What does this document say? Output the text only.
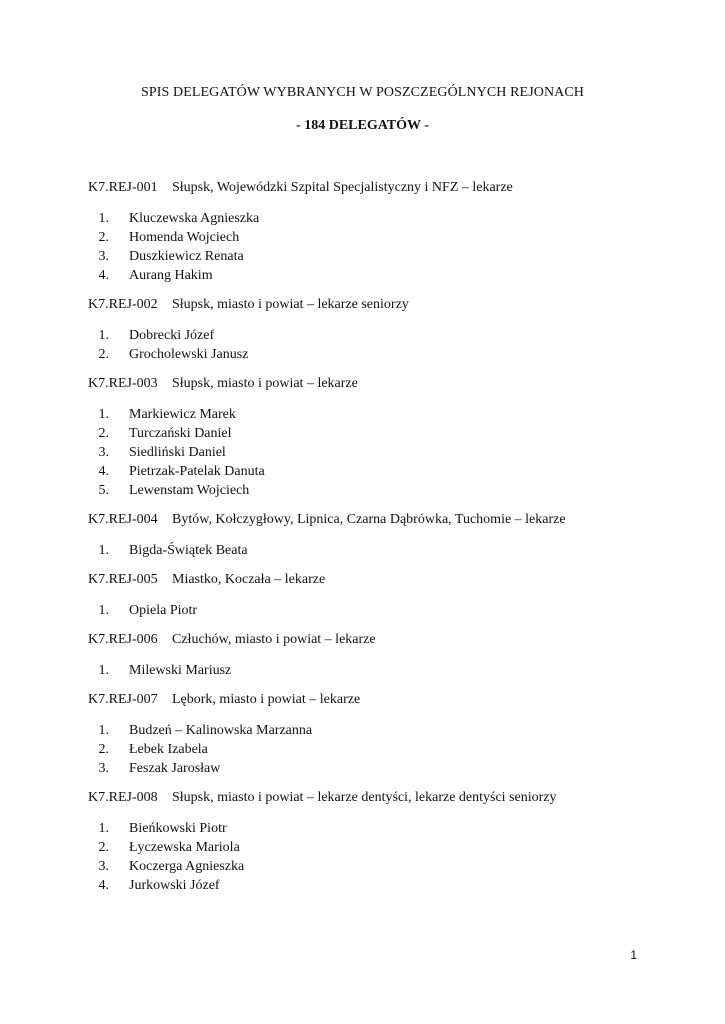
SPIS DELEGATÓW WYBRANYCH W POSZCZEGÓLNYCH REJONACH
- 184 DELEGATÓW -
K7.REJ-001 Słupsk, Wojewódzki Szpital Specjalistyczny i NFZ – lekarze
1. Kluczewska Agnieszka
2. Homenda Wojciech
3. Duszkiewicz Renata
4. Aurang Hakim
K7.REJ-002 Słupsk, miasto i powiat – lekarze seniorzy
1. Dobrecki Józef
2. Grocholewski Janusz
K7.REJ-003 Słupsk, miasto i powiat – lekarze
1. Markiewicz Marek
2. Turczański Daniel
3. Siedliński Daniel
4. Pietrzak-Patelak Danuta
5. Lewenstam Wojciech
K7.REJ-004 Bytów, Kołczygłowy, Lipnica, Czarna Dąbrówka, Tuchomie – lekarze
1. Bigda-Świątek Beata
K7.REJ-005 Miastko, Koczała – lekarze
1. Opiela Piotr
K7.REJ-006 Człuchów, miasto i powiat – lekarze
1. Milewski Mariusz
K7.REJ-007 Lębork, miasto i powiat – lekarze
1. Budzeń – Kalinowska Marzanna
2. Łebek Izabela
3. Feszak Jarosław
K7.REJ-008 Słupsk, miasto i powiat – lekarze dentyści, lekarze dentyści seniorzy
1. Bieńkowski Piotr
2. Łyczewska Mariola
3. Koczerga Agnieszka
4. Jurkowski Józef
1
